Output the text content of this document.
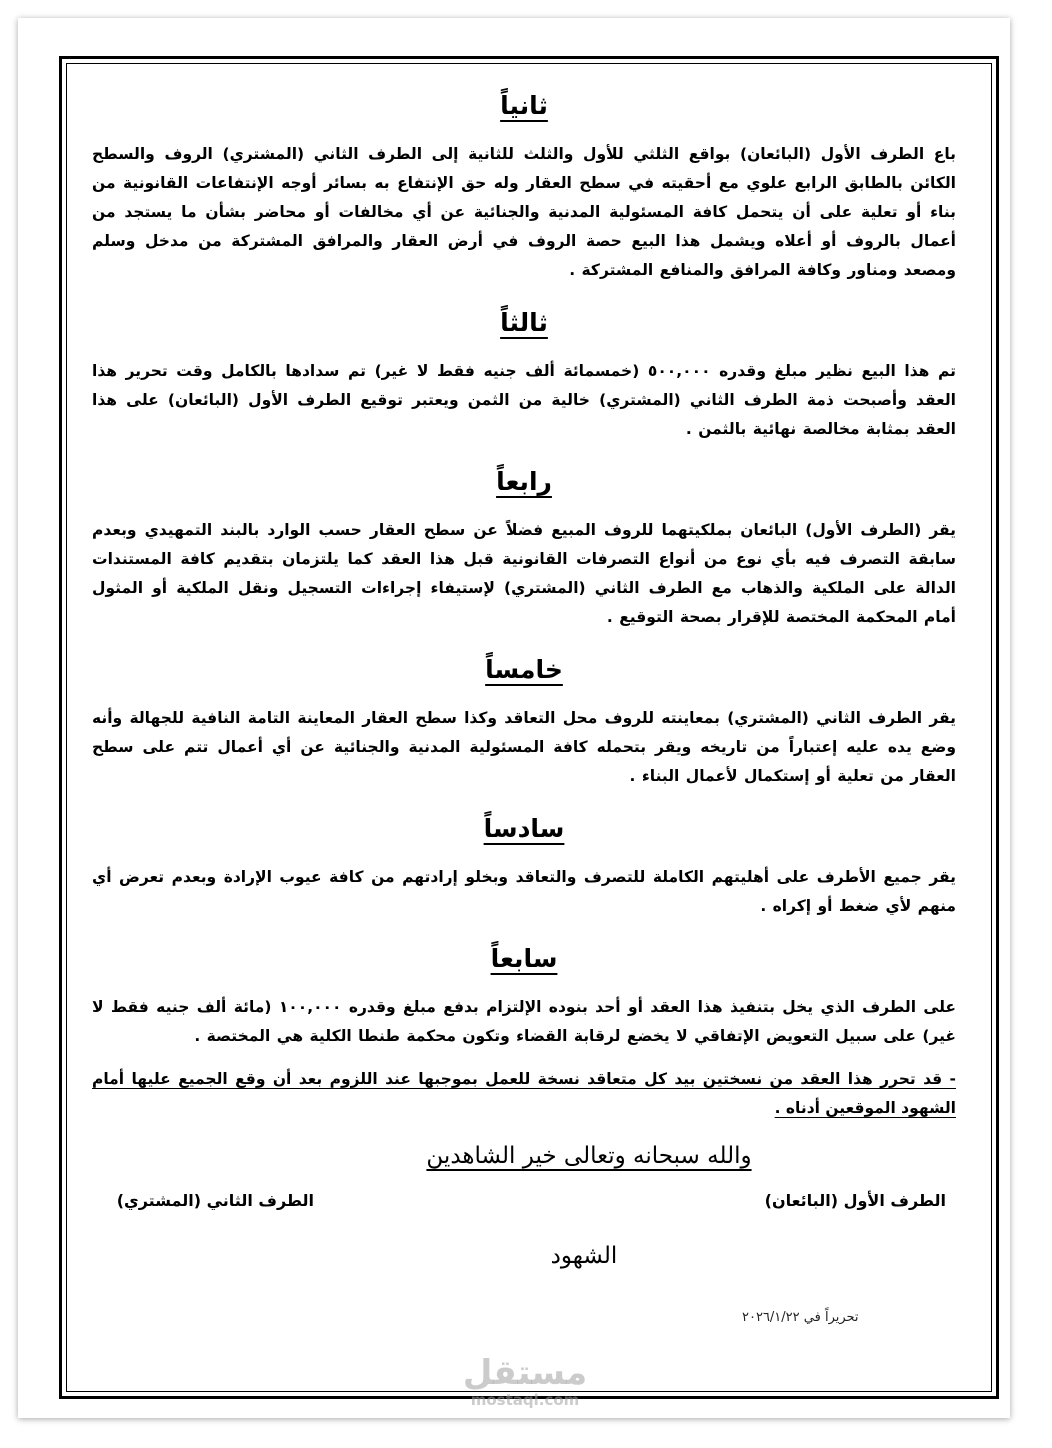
ثانياً

باع الطرف الأول (البائعان) بواقع الثلثي للأول والثلث للثانية إلى الطرف الثاني (المشتري) الروف والسطح الكائن بالطابق الرابع علوي مع أحقيته في سطح العقار وله حق الإنتفاع به بسائر أوجه الإنتفاعات القانونية من بناء أو تعلية على أن يتحمل كافة المسئولية المدنية والجنائية عن أي مخالفات أو محاضر بشأن ما يستجد من أعمال بالروف أو أعلاه ويشمل هذا البيع حصة الروف في أرض العقار والمرافق المشتركة من مدخل وسلم ومصعد ومناور وكافة المرافق والمنافع المشتركة .

ثالثاً

تم هذا البيع نظير مبلغ وقدره ٥٠٠,٠٠٠ (خمسمائة ألف جنيه فقط لا غير) تم سدادها بالكامل وقت تحرير هذا العقد وأصبحت ذمة الطرف الثاني (المشتري) خالية من الثمن ويعتبر توقيع الطرف الأول (البائعان) على هذا العقد بمثابة مخالصة نهائية بالثمن .

رابعاً

يقر (الطرف الأول) البائعان بملكيتهما للروف المبيع فضلاً عن سطح العقار حسب الوارد بالبند التمهيدي وبعدم سابقة التصرف فيه بأي نوع من أنواع التصرفات القانونية قبل هذا العقد كما يلتزمان بتقديم كافة المستندات الدالة على الملكية والذهاب مع الطرف الثاني (المشتري) لإستيفاء إجراءات التسجيل ونقل الملكية أو المثول أمام المحكمة المختصة للإقرار بصحة التوقيع .

خامساً

يقر الطرف الثاني (المشتري) بمعاينته للروف محل التعاقد وكذا سطح العقار المعاينة التامة النافية للجهالة وأنه وضع يده عليه إعتباراً من تاريخه ويقر بتحمله كافة المسئولية المدنية والجنائية عن أي أعمال تتم على سطح العقار من تعلية أو إستكمال لأعمال البناء .

سادساً

يقر جميع الأطرف على أهليتهم الكاملة للتصرف والتعاقد وبخلو إرادتهم من كافة عيوب الإرادة وبعدم تعرض أي منهم لأي ضغط أو إكراه .

سابعاً

على الطرف الذي يخل بتنفيذ هذا العقد أو أحد بنوده الإلتزام بدفع مبلغ وقدره ١٠٠,٠٠٠ (مائة ألف جنيه فقط لا غير) على سبيل التعويض الإتفاقي لا يخضع لرقابة القضاء وتكون محكمة طنطا الكلية هي المختصة .

- قد تحرر هذا العقد من نسختين بيد كل متعاقد نسخة للعمل بموجبها عند اللزوم بعد أن وقع الجميع عليها أمام الشهود الموقعين أدناه .

والله سبحانه وتعالى خير الشاهدين
الطرف الأول (البائعان)
الطرف الثاني (المشتري)
الشهود
تحريراً في ٢٠٢٦/١/٢٢
مستقل
mostaql.com
